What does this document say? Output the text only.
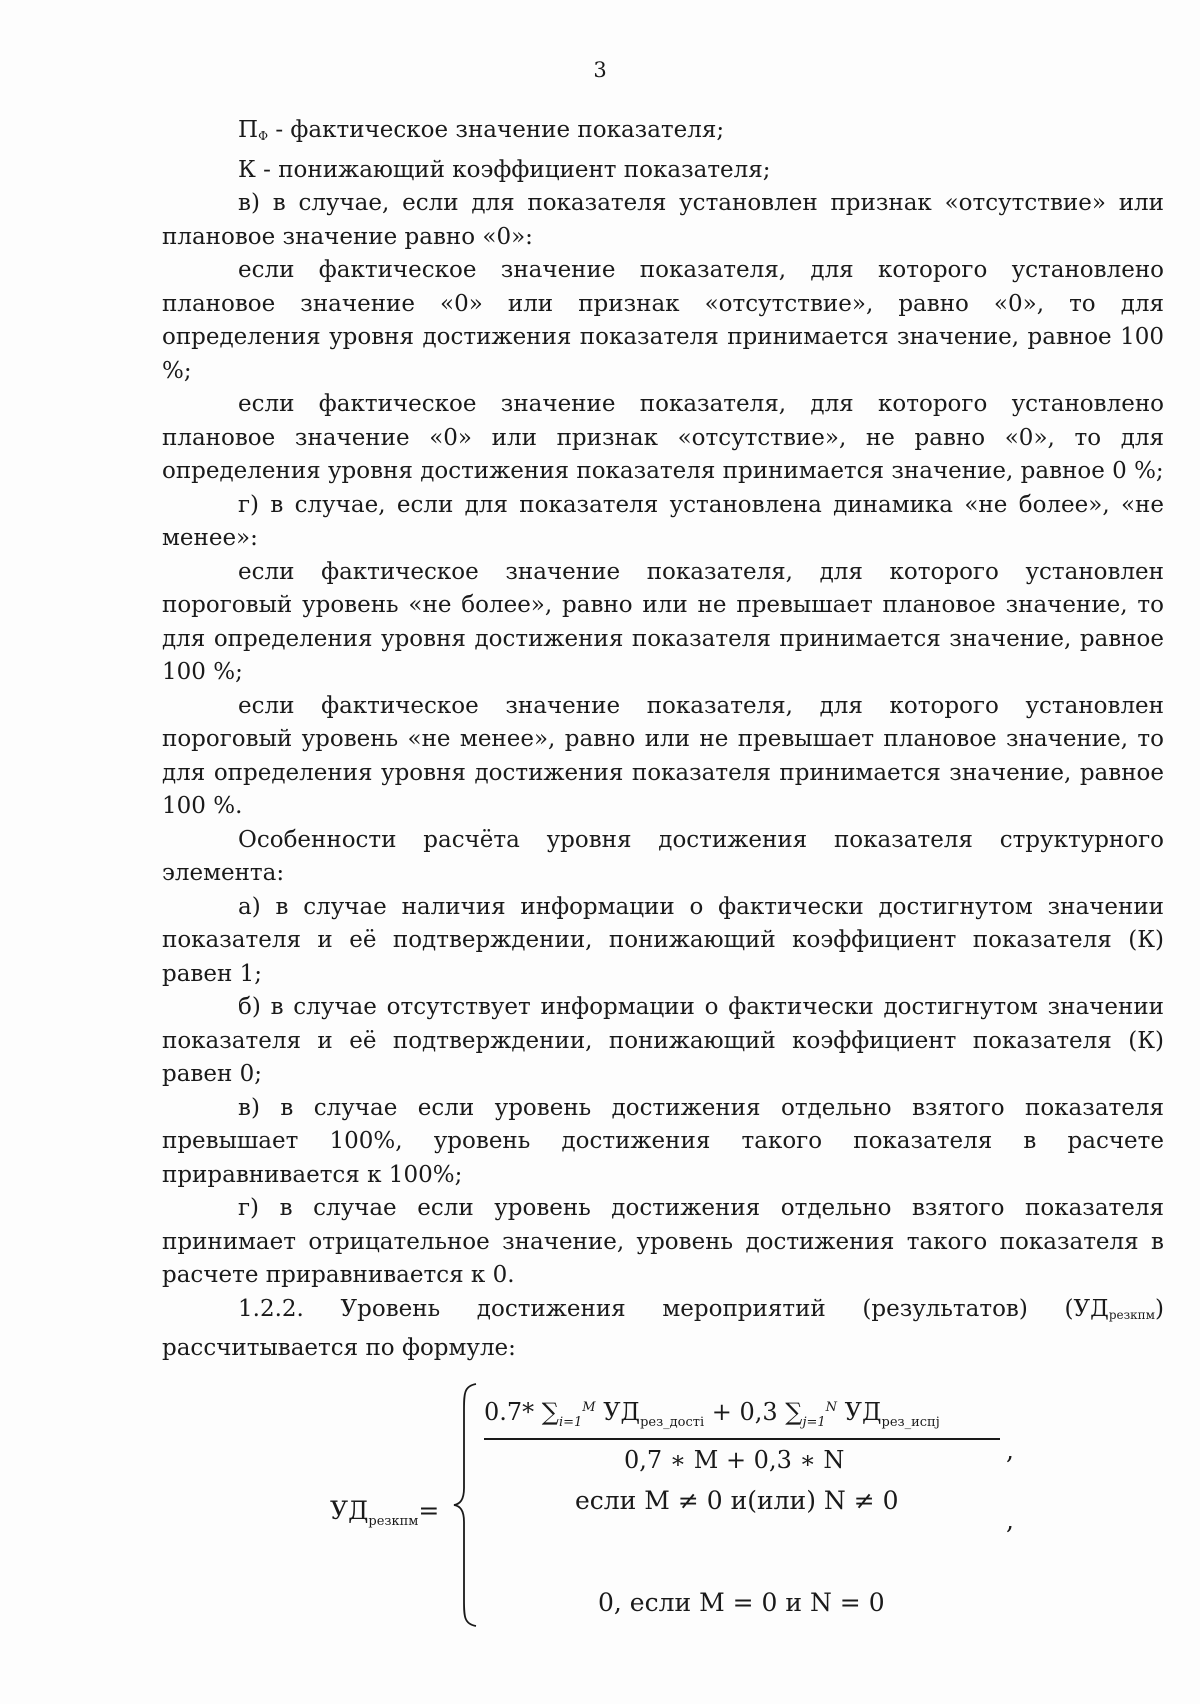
3

$П_Ф$ - фактическое значение показателя;

К - понижающий коэффициент показателя;

в) в случае, если для показателя установлен признак «отсутствие» или плановое значение равно «0»:

если фактическое значение показателя, для которого установлено плановое значение «0» или признак «отсутствие», равно «0», то для определения уровня достижения показателя принимается значение, равное 100 %;

если фактическое значение показателя, для которого установлено плановое значение «0» или признак «отсутствие», не равно «0», то для определения уровня достижения показателя принимается значение, равное 0 %;

г) в случае, если для показателя установлена динамика «не более», «не менее»:

если фактическое значение показателя, для которого установлен пороговый уровень «не более», равно или не превышает плановое значение, то для определения уровня достижения показателя принимается значение, равное 100 %;

если фактическое значение показателя, для которого установлен пороговый уровень «не менее», равно или не превышает плановое значение, то для определения уровня достижения показателя принимается значение, равное 100 %.

Особенности расчёта уровня достижения показателя структурного элемента:

а) в случае наличия информации о фактически достигнутом значении показателя и её подтверждении, понижающий коэффициент показателя (К) равен 1;

б) в случае отсутствует информации о фактически достигнутом значении показателя и её подтверждении, понижающий коэффициент показателя (К) равен 0;

в) в случае если уровень достижения отдельно взятого показателя превышает 100%, уровень достижения такого показателя в расчете приравнивается к 100%;

г) в случае если уровень достижения отдельно взятого показателя принимает отрицательное значение, уровень достижения такого показателя в расчете приравнивается к 0.

1.2.2. Уровень достижения мероприятий (результатов) $(УД_{резкпм})$ рассчитывается по формуле:

$УД_{резкпм}=$
0.7* $\sum_{i=1}^M$ $УД_{рез\_достi} + 0,3$ $\sum_{j=1}^N$ $УД_{рез\_испj}$
0,7 ∗ M + 0,3 ∗ N	,
если M ≠ 0 и(или) N ≠ 0
,
0, если M = 0 и N = 0
